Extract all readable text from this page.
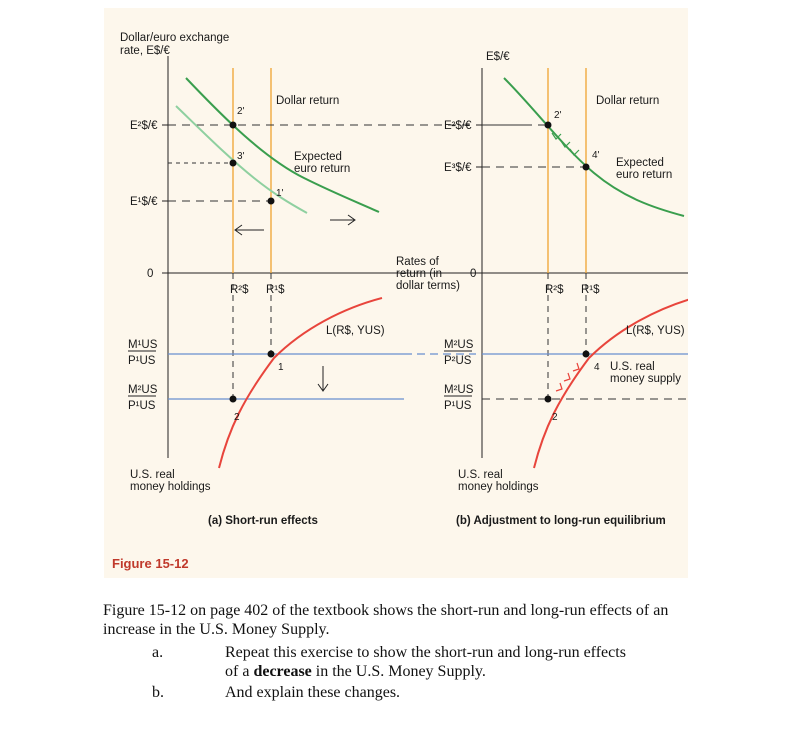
Dollar/euro exchange
rate, E$/€
E²$/€
E¹$/€
0
Dollar return
Expected
euro return
2'
3'
1'
R²$ R¹$
L(R$, YUS)
M¹US
P¹US
M²US
P¹US
1
2
U.S. real
money holdings
(a) Short-run effects
Rates of
return (in
dollar terms)
E$/€
E²$/€
E³$/€
0
Dollar return
Expected
euro return
2'
4'
R²$ R¹$
L(R$, YUS)
M²US
P²US
M²US
P¹US
4
2
U.S. real
money supply
U.S. real
money holdings
(b) Adjustment to long-run equilibrium
Figure 15-12
Figure 15-12 on page 402 of the textbook shows the short-run and long-run effects of an increase in the U.S. Money Supply.
a.	Repeat this exercise to show the short-run and long-run effects
of a decrease in the U.S. Money Supply.
b.	And explain these changes.
